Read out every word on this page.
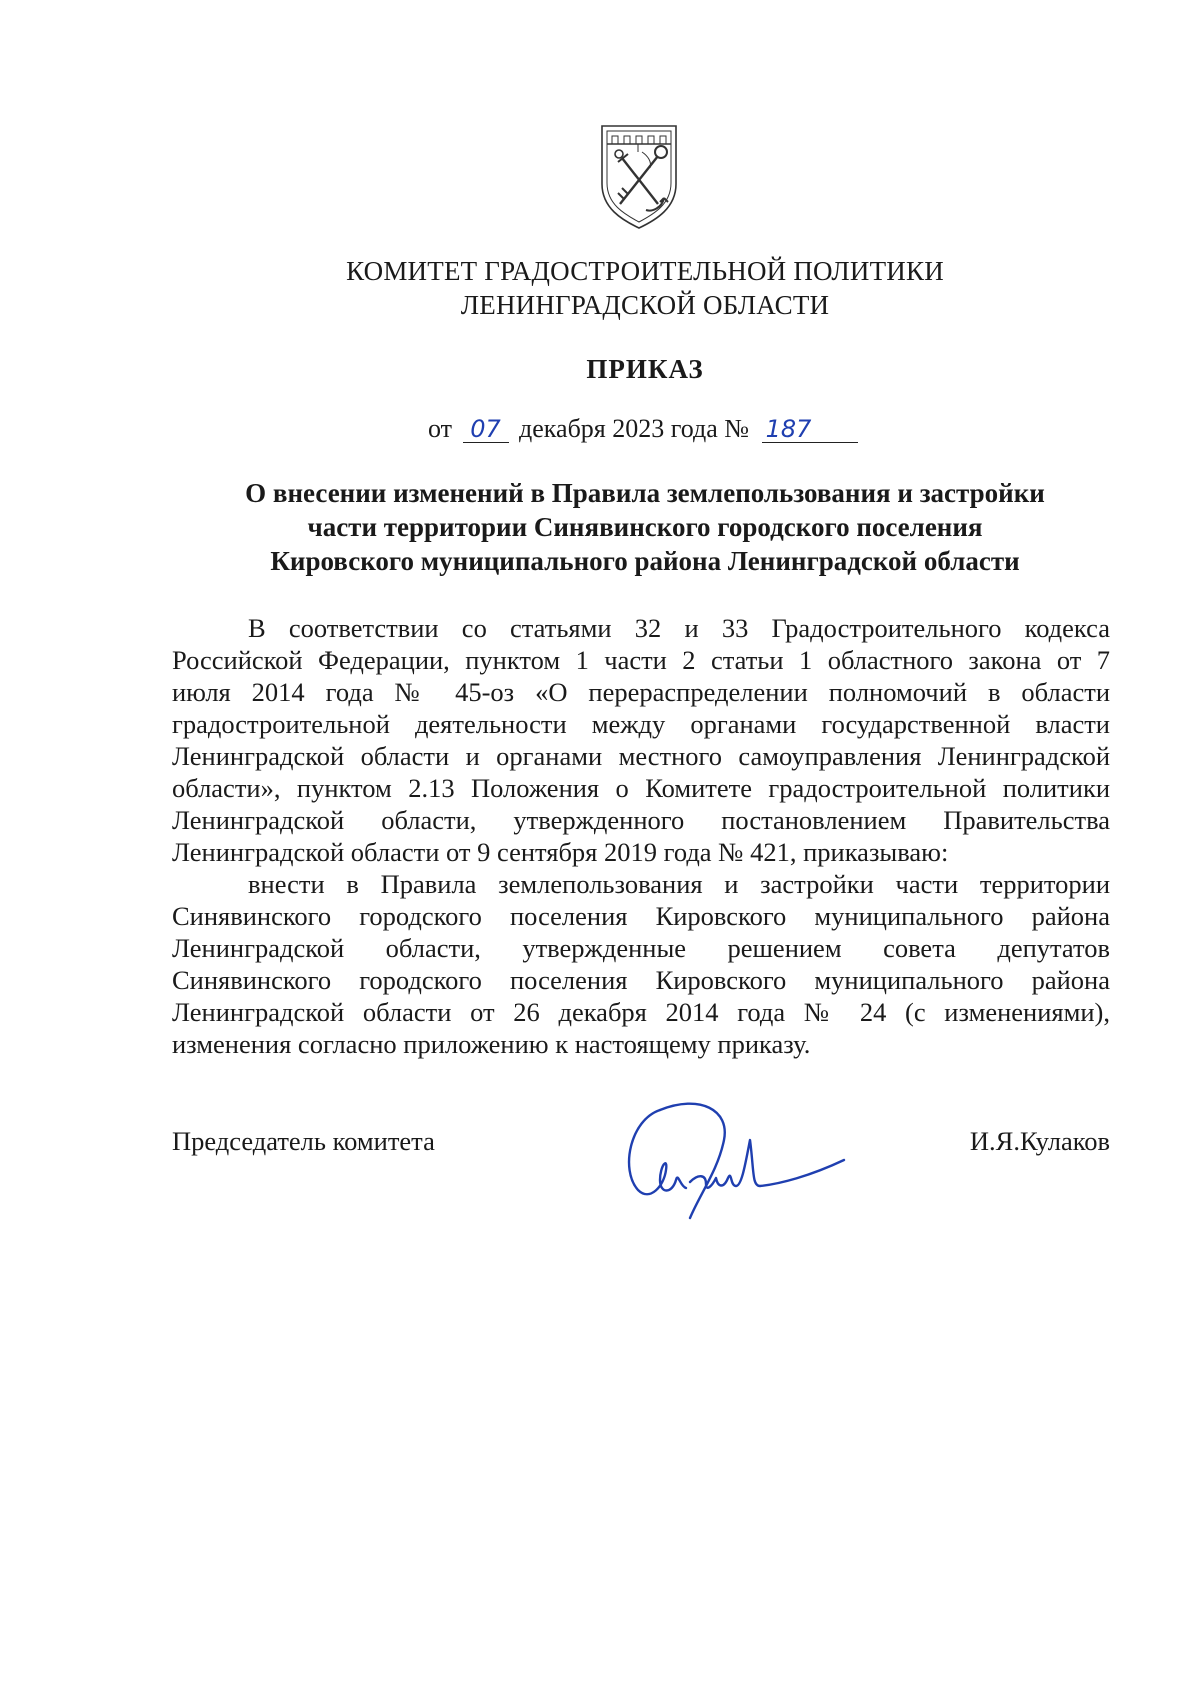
КОМИТЕТ ГРАДОСТРОИТЕЛЬНОЙ ПОЛИТИКИ
ЛЕНИНГРАДСКОЙ ОБЛАСТИ
ПРИКАЗ
от 07 декабря 2023 года № 187
О внесении изменений в Правила землепользования и застройки
части территории Синявинского городского поселения
Кировского муниципального района Ленинградской области
В соответствии со статьями 32 и 33 Градостроительного кодекса
Российской Федерации, пунктом 1 части 2 статьи 1 областного закона от 7
июля 2014 года № 45-оз «О перераспределении полномочий в области
градостроительной деятельности между органами государственной власти
Ленинградской области и органами местного самоуправления Ленинградской
области», пунктом 2.13 Положения о Комитете градостроительной политики
Ленинградской области, утвержденного постановлением Правительства
Ленинградской области от 9 сентября 2019 года № 421, приказываю:
внести в Правила землепользования и застройки части территории
Синявинского городского поселения Кировского муниципального района
Ленинградской области, утвержденные решением совета депутатов
Синявинского городского поселения Кировского муниципального района
Ленинградской области от 26 декабря 2014 года № 24 (с изменениями),
изменения согласно приложению к настоящему приказу.
Председатель комитета	И.Я.Кулаков
